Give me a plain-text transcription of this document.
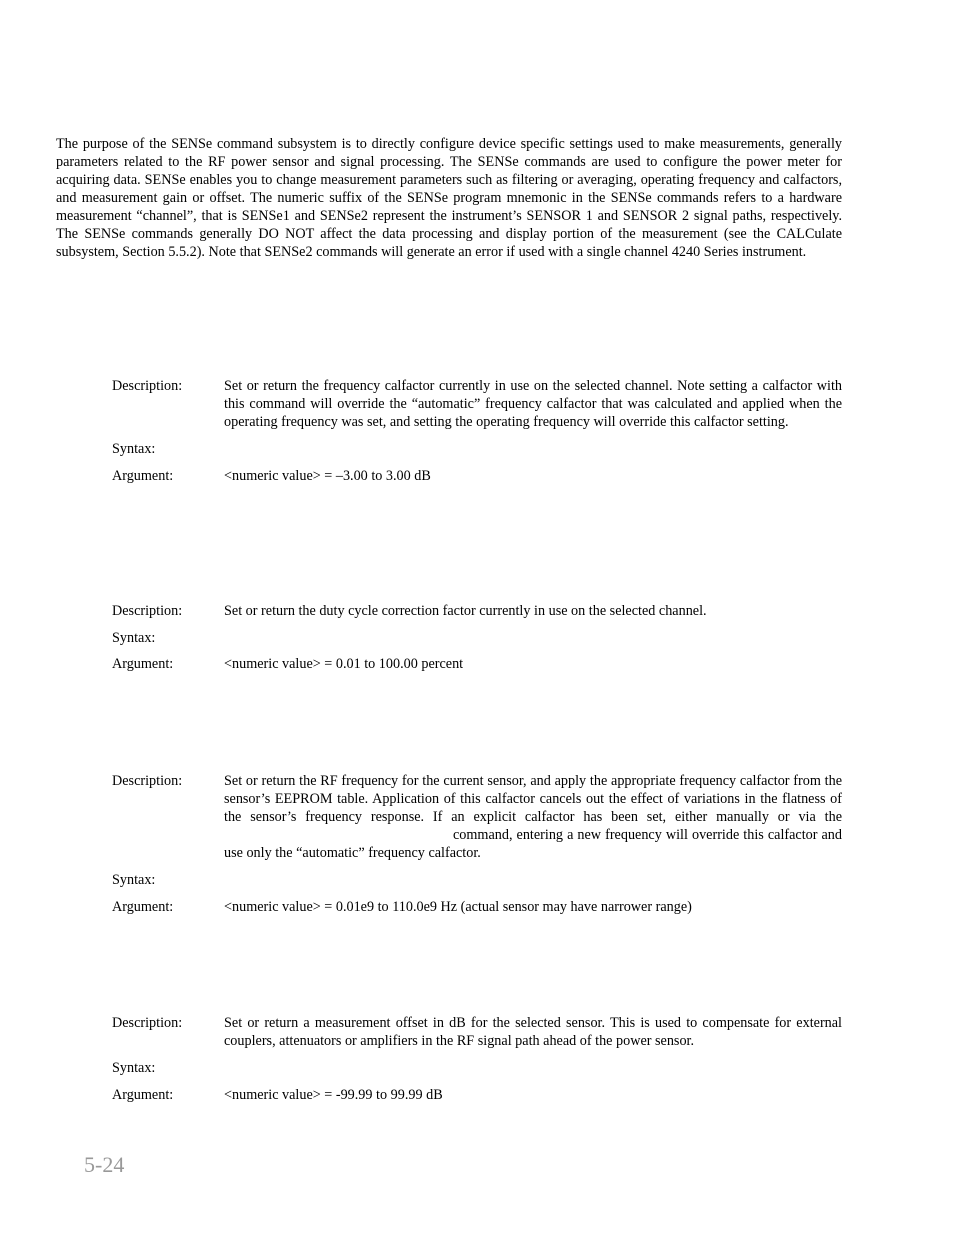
The purpose of the SENSe command subsystem is to directly configure device specific settings used to make measurements, generally parameters related to the RF power sensor and signal processing. The SENSe commands are used to configure the power meter for acquiring data. SENSe enables you to change measurement parameters such as filtering or averaging, operating frequency and calfactors, and measurement gain or offset. The numeric suffix of the SENSe program mnemonic in the SENSe commands refers to a hardware measurement “channel”, that is SENSe1 and SENSe2 represent the instrument’s SENSOR 1 and SENSOR 2 signal paths, respectively. The SENSe commands generally DO NOT affect the data processing and display portion of the measurement (see the CALCulate subsystem, Section 5.5.2). Note that SENSe2 commands will generate an error if used with a single channel 4240 Series instrument.

Description:	Set or return the frequency calfactor currently in use on the selected channel. Note setting a calfactor with this command will override the “automatic” frequency calfactor that was calculated and applied when the operating frequency was set, and setting the operating frequency will override this calfactor setting.
Syntax:
Argument:	<numeric value> = –3.00 to 3.00 dB
Description:	Set or return the duty cycle correction factor currently in use on the selected channel.
Syntax:
Argument:	<numeric value> = 0.01 to 100.00 percent
Description:	Set or return the RF frequency for the current sensor, and apply the appropriate frequency calfactor from the sensor’s EEPROM table. Application of this calfactor cancels out the effect of variations in the flatness of the sensor’s frequency response. If an explicit calfactor has been set, either manually or via thecommand, entering a new frequency will override this calfactor and use only the “automatic” frequency calfactor.
Syntax:
Argument:	<numeric value> = 0.01e9 to 110.0e9 Hz (actual sensor may have narrower range)
Description:	Set or return a measurement offset in dB for the selected sensor. This is used to compensate for external couplers, attenuators or amplifiers in the RF signal path ahead of the power sensor.
Syntax:
Argument:	<numeric value> = -99.99 to 99.99 dB
5-24
